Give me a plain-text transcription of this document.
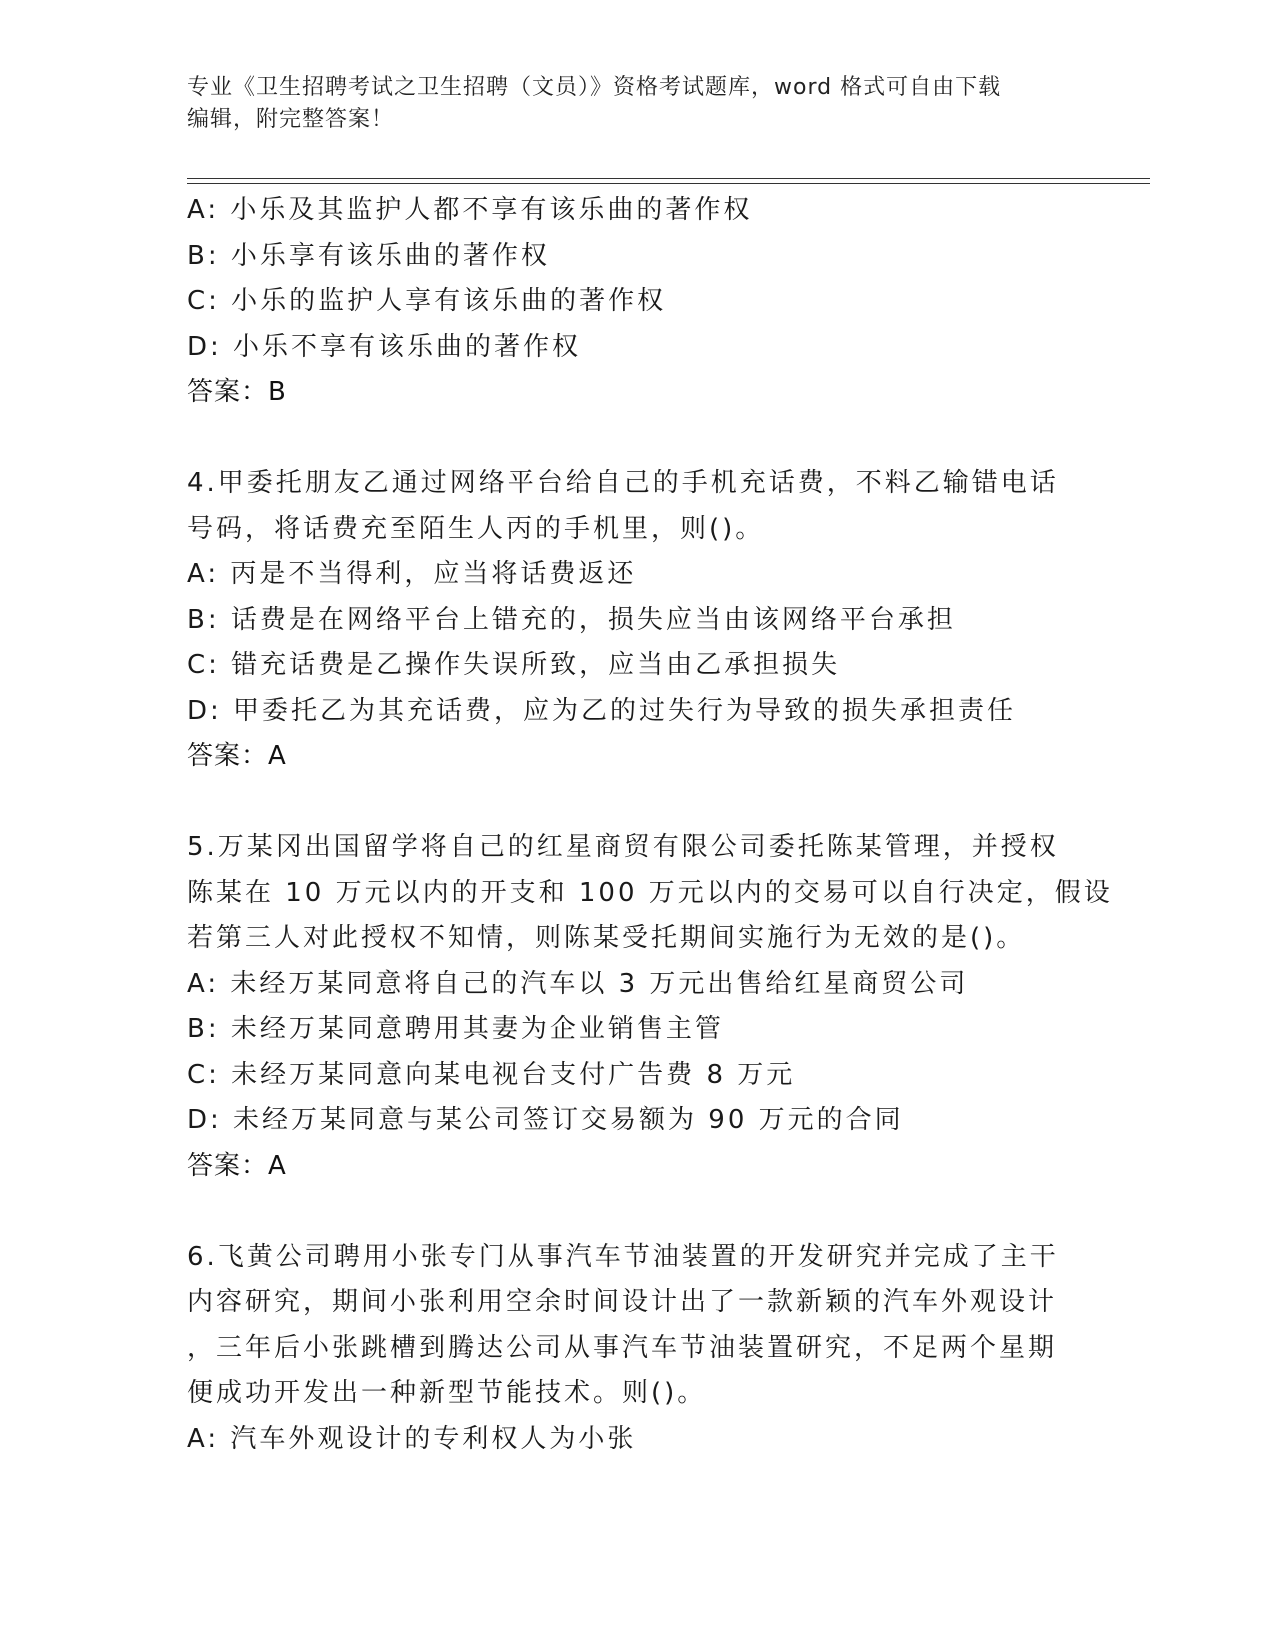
专业《卫生招聘考试之卫生招聘（文员）》资格考试题库，word 格式可自由下载
编辑，附完整答案！
A: 小乐及其监护人都不享有该乐曲的著作权
B: 小乐享有该乐曲的著作权
C: 小乐的监护人享有该乐曲的著作权
D: 小乐不享有该乐曲的著作权
答案：B
4.甲委托朋友乙通过网络平台给自己的手机充话费，不料乙输错电话
号码，将话费充至陌生人丙的手机里，则()。
A: 丙是不当得利，应当将话费返还
B: 话费是在网络平台上错充的，损失应当由该网络平台承担
C: 错充话费是乙操作失误所致，应当由乙承担损失
D: 甲委托乙为其充话费，应为乙的过失行为导致的损失承担责任
答案：A
5.万某冈出国留学将自己的红星商贸有限公司委托陈某管理，并授权
陈某在 10 万元以内的开支和 100 万元以内的交易可以自行决定，假设
若第三人对此授权不知情，则陈某受托期间实施行为无效的是()。
A: 未经万某同意将自己的汽车以 3 万元出售给红星商贸公司
B: 未经万某同意聘用其妻为企业销售主管
C: 未经万某同意向某电视台支付广告费 8 万元
D: 未经万某同意与某公司签订交易额为 90 万元的合同
答案：A
6.飞黄公司聘用小张专门从事汽车节油装置的开发研究并完成了主干
内容研究，期间小张利用空余时间设计出了一款新颖的汽车外观设计
，三年后小张跳槽到腾达公司从事汽车节油装置研究，不足两个星期
便成功开发出一种新型节能技术。则()。
A: 汽车外观设计的专利权人为小张
